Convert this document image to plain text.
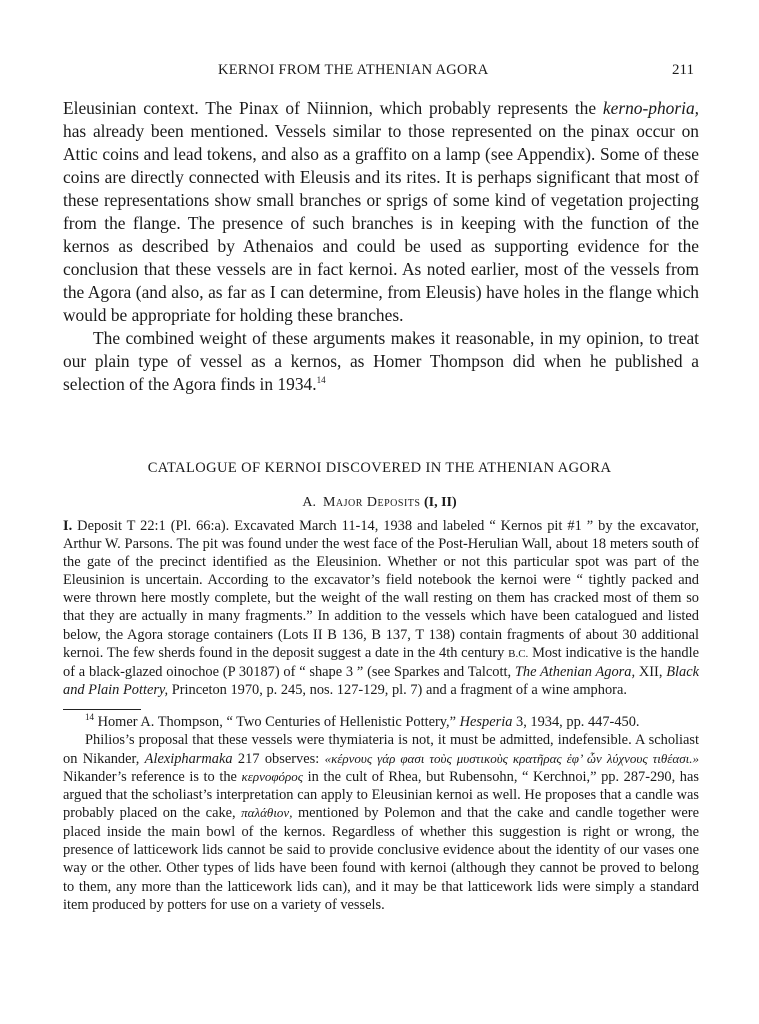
KERNOI FROM THE ATHENIAN AGORA	211

Eleusinian context. The Pinax of Niinnion, which probably represents the kerno-phoria, has already been mentioned. Vessels similar to those represented on the pinax occur on Attic coins and lead tokens, and also as a graffito on a lamp (see Appendix). Some of these coins are directly connected with Eleusis and its rites. It is perhaps significant that most of these representations show small branches or sprigs of some kind of vegetation projecting from the flange. The presence of such branches is in keeping with the function of the kernos as described by Athenaios and could be used as supporting evidence for the conclusion that these vessels are in fact kernoi. As noted earlier, most of the vessels from the Agora (and also, as far as I can determine, from Eleusis) have holes in the flange which would be appropriate for holding these branches.

The combined weight of these arguments makes it reasonable, in my opinion, to treat our plain type of vessel as a kernos, as Homer Thompson did when he published a selection of the Agora finds in 1934.14

CATALOGUE OF KERNOI DISCOVERED IN THE ATHENIAN AGORA
A. Major Deposits (I, II)
I. Deposit T 22:1 (Pl. 66:a). Excavated March 11-14, 1938 and labeled “ Kernos pit #1 ” by the excavator, Arthur W. Parsons. The pit was found under the west face of the Post-Herulian Wall, about 18 meters south of the gate of the precinct identified as the Eleusinion. Whether or not this particular spot was part of the Eleusinion is uncertain. According to the excavator’s field notebook the kernoi were “ tightly packed and were thrown here mostly complete, but the weight of the wall resting on them has cracked most of them so that they are actually in many fragments.” In addition to the vessels which have been catalogued and listed below, the Agora storage containers (Lots II B 136, B 137, T 138) contain fragments of about 30 additional kernoi. The few sherds found in the deposit suggest a date in the 4th century B.C. Most indicative is the handle of a black-glazed oinochoe (P 30187) of “ shape 3 ” (see Sparkes and Talcott, The Athenian Agora, XII, Black and Plain Pottery, Princeton 1970, p. 245, nos. 127-129, pl. 7) and a fragment of a wine amphora.

$^{14}$ Homer A. Thompson, “ Two Centuries of Hellenistic Pottery,” Hesperia 3, 1934, pp. 447-450.

Philios’s proposal that these vessels were thymiateria is not, it must be admitted, indefensible. A scholiast on Nikander, Alexipharmaka 217 observes: «κέρνους γάρ φασι τοὺς μυστικοὺς κρατῆρας ἐφ’ ὧν λύχνους τιθέασι.» Nikander’s reference is to the κερνοφόρος in the cult of Rhea, but Rubensohn, “ Kerchnoi,” pp. 287-290, has argued that the scholiast’s interpretation can apply to Eleusinian kernoi as well. He proposes that a candle was probably placed on the cake, παλάθιον, mentioned by Polemon and that the cake and candle together were placed inside the main bowl of the kernos. Regardless of whether this suggestion is right or wrong, the presence of latticework lids cannot be said to provide conclusive evidence about the identity of our vases one way or the other. Other types of lids have been found with kernoi (although they cannot be proved to belong to them, any more than the latticework lids can), and it may be that latticework lids were simply a standard item produced by potters for use on a variety of vessels.
